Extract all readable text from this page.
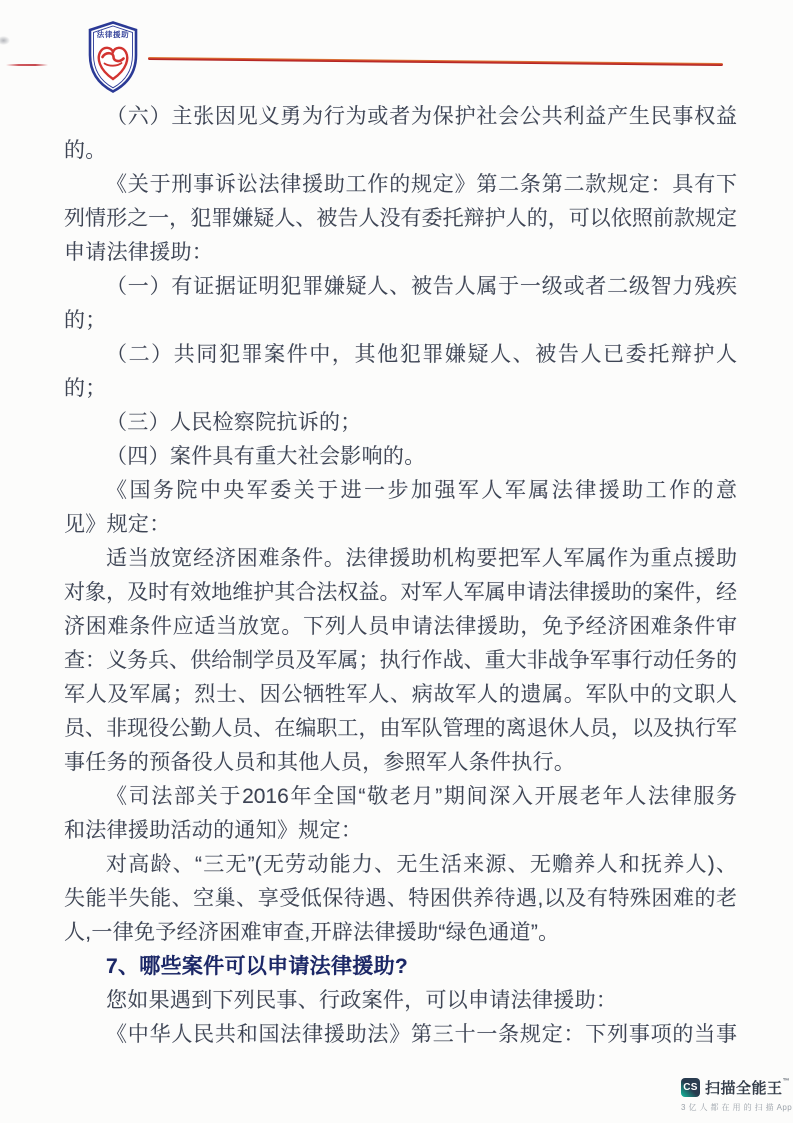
法律援助
（六）主张因见义勇为行为或者为保护社会公共利益产生民事权益
的。
《关于刑事诉讼法律援助工作的规定》第二条第二款规定：具有下
列情形之一，犯罪嫌疑人、被告人没有委托辩护人的，可以依照前款规定
申请法律援助：
（一）有证据证明犯罪嫌疑人、被告人属于一级或者二级智力残疾
的；
（二）共同犯罪案件中，其他犯罪嫌疑人、被告人已委托辩护人
的；
（三）人民检察院抗诉的；
（四）案件具有重大社会影响的。
《国务院中央军委关于进一步加强军人军属法律援助工作的意
见》规定：
适当放宽经济困难条件。法律援助机构要把军人军属作为重点援助
对象，及时有效地维护其合法权益。对军人军属申请法律援助的案件，经
济困难条件应适当放宽。下列人员申请法律援助，免予经济困难条件审
查：义务兵、供给制学员及军属；执行作战、重大非战争军事行动任务的
军人及军属；烈士、因公牺牲军人、病故军人的遗属。军队中的文职人
员、非现役公勤人员、在编职工，由军队管理的离退休人员，以及执行军
事任务的预备役人员和其他人员，参照军人条件执行。
《司法部关于2016年全国“敬老月”期间深入开展老年人法律服务
和法律援助活动的通知》规定：
对高龄、“三无”(无劳动能力、无生活来源、无赡养人和抚养人)、
失能半失能、空巢、享受低保待遇、特困供养待遇,以及有特殊困难的老
人,一律免予经济困难审查,开辟法律援助“绿色通道”。
7、哪些案件可以申请法律援助?
您如果遇到下列民事、行政案件，可以申请法律援助：
《中华人民共和国法律援助法》第三十一条规定：下列事项的当事
CS 扫描全能王™
3 亿 人 都 在 用 的 扫 描 App
